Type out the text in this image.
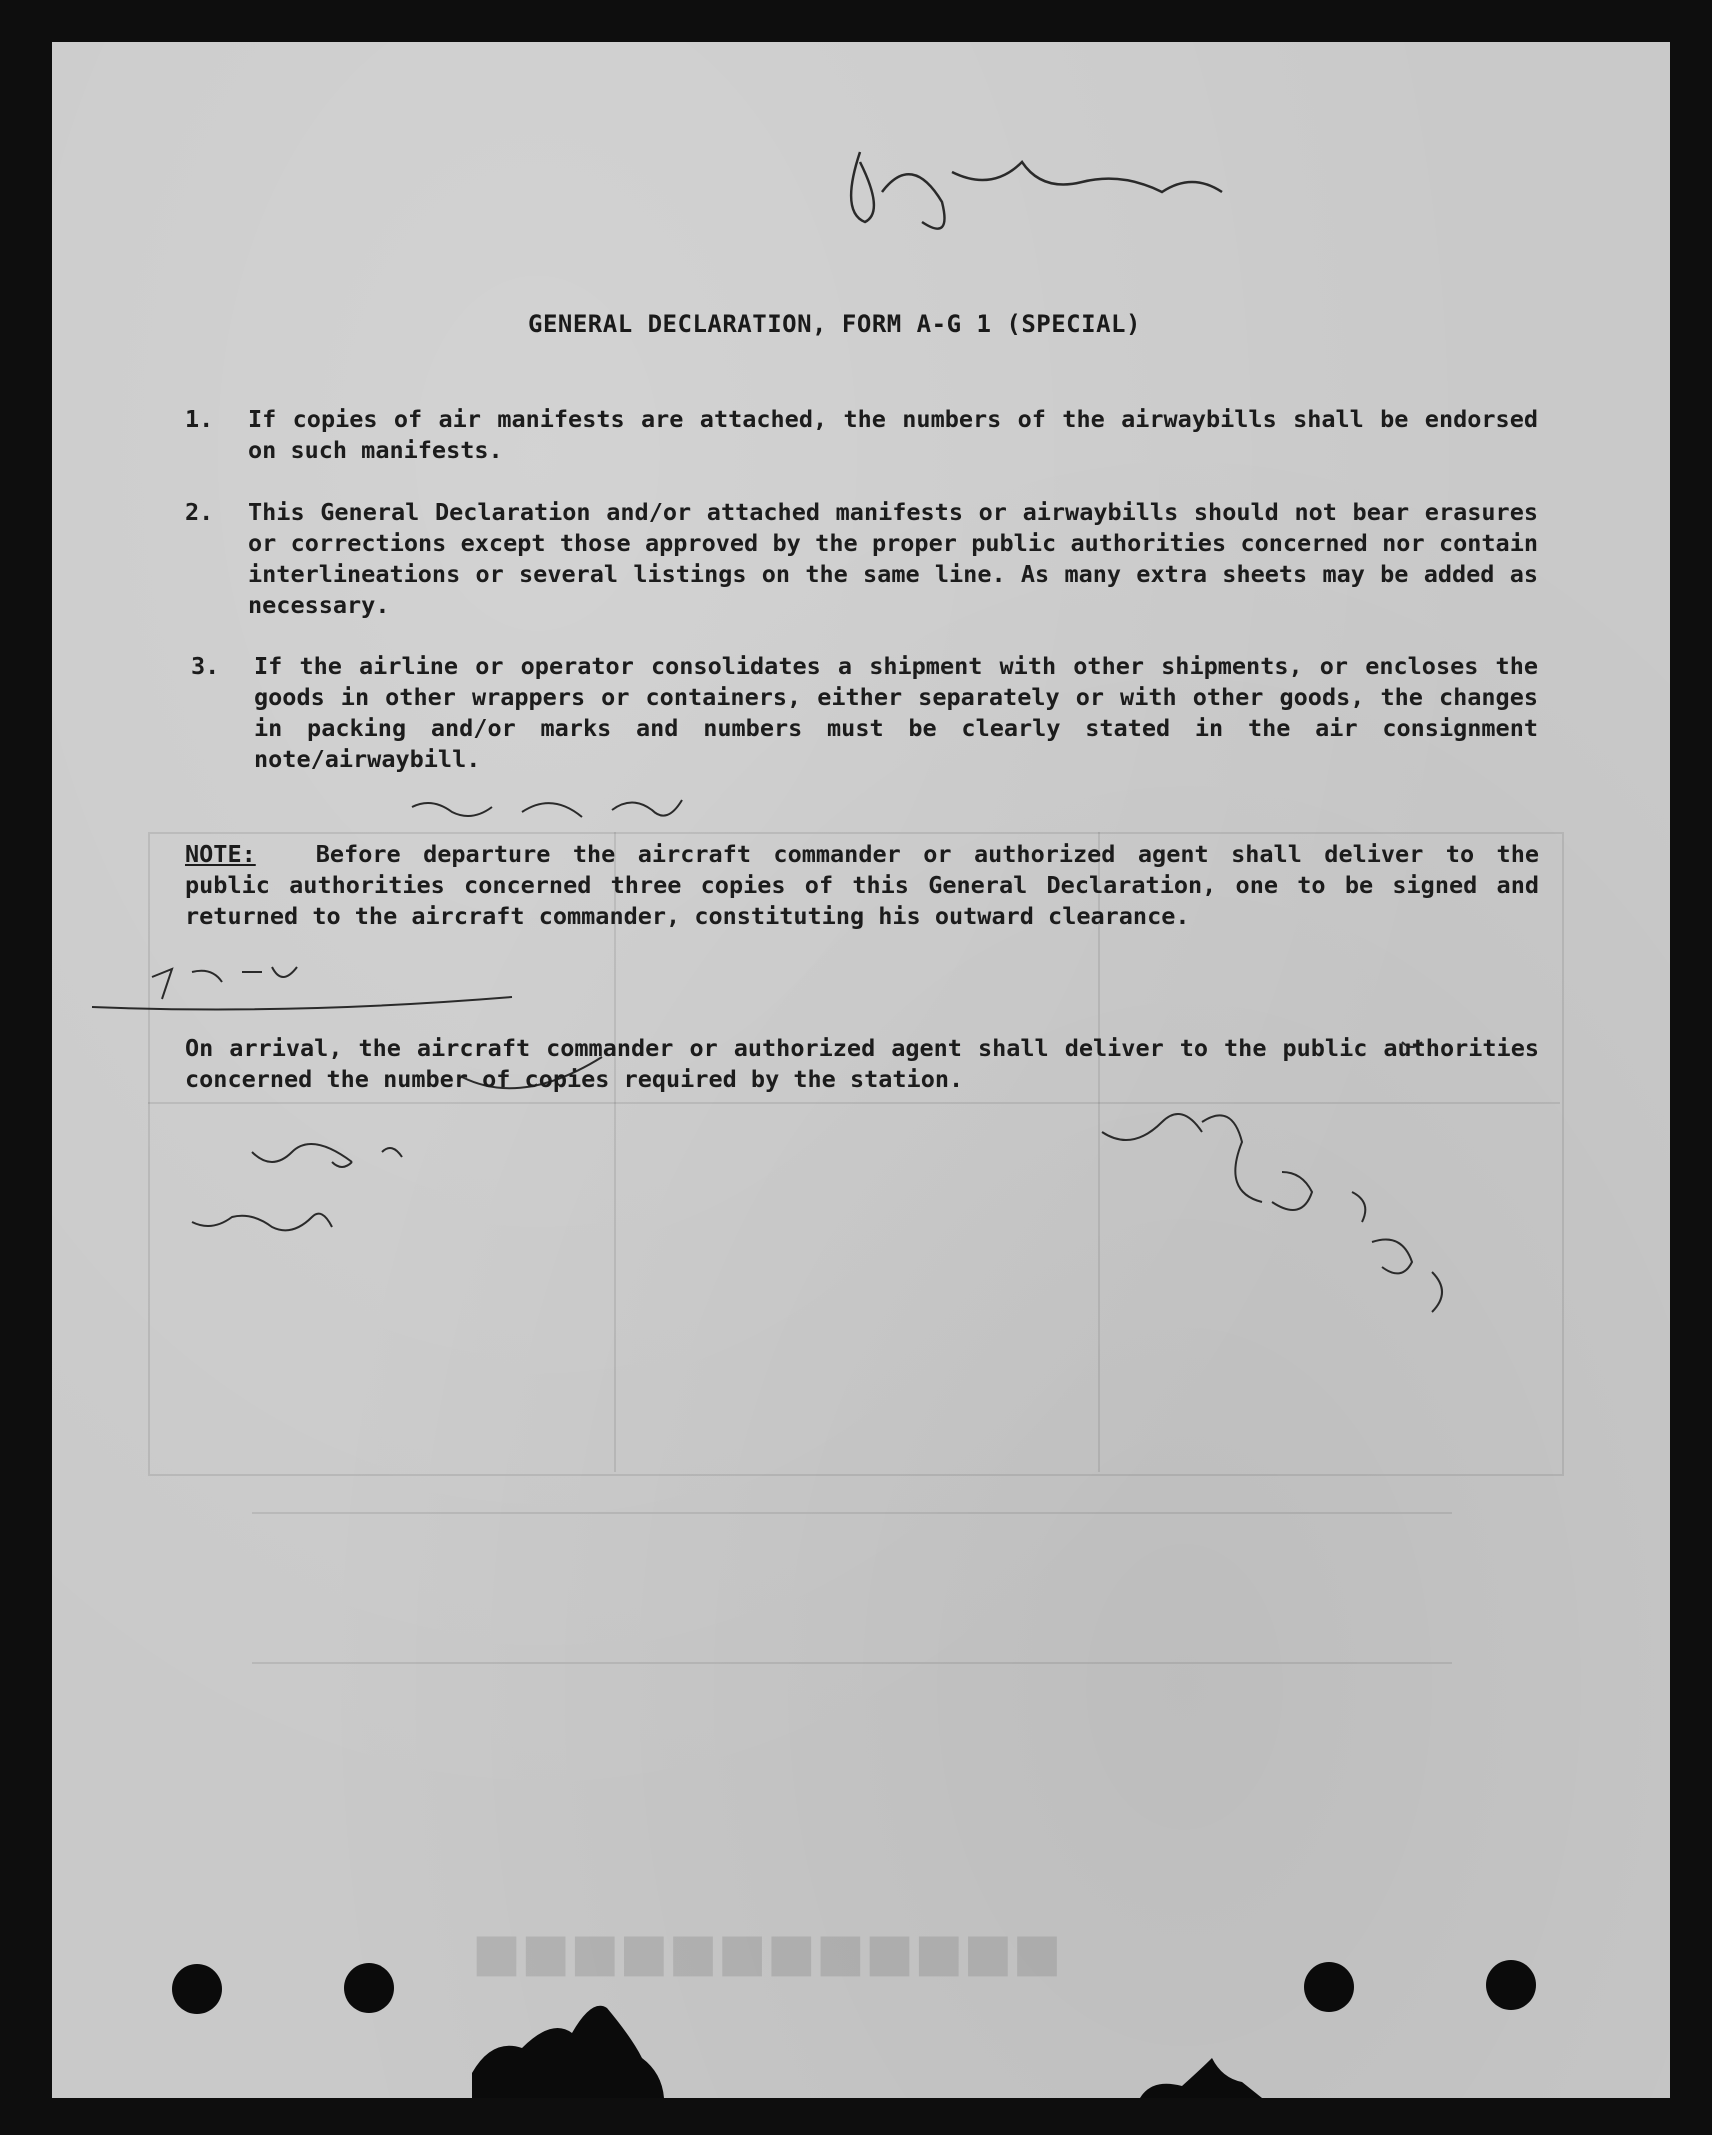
■■■■■■■■■■■■
GENERAL DECLARATION, FORM A-G 1 (SPECIAL)
1.	If copies of air manifests are attached, the numbers of the airwaybills shall be endorsed on such manifests.
2.	This General Declaration and/or attached manifests or airwaybills should not bear erasures or corrections except those approved by the proper public authorities concerned nor contain interlineations or several listings on the same line. As many extra sheets may be added as necessary.
3.	If the airline or operator consolidates a shipment with other shipments, or encloses the goods in other wrappers or containers, either separately or with other goods, the changes in packing and/or marks and numbers must be clearly stated in the air consignment note/airwaybill.
NOTE:	Before departure the aircraft commander or authorized agent shall deliver to the public authorities concerned three copies of this General Declaration, one to be signed and returned to the aircraft commander, constituting his outward clearance.
On arrival, the aircraft commander or authorized agent shall deliver to the public authorities concerned the number of copies required by the station.
